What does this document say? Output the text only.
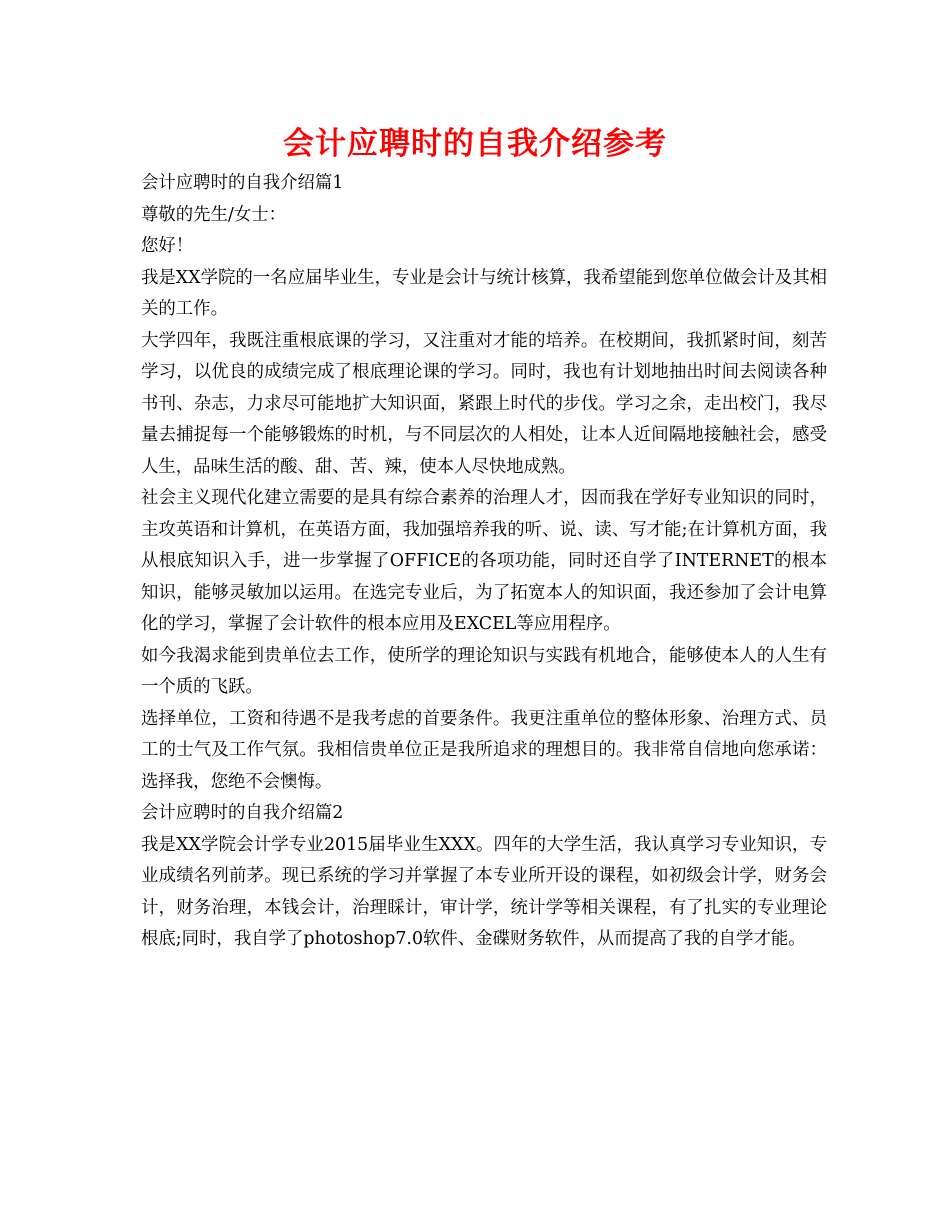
会计应聘时的自我介绍参考

会计应聘时的自我介绍篇1

尊敬的先生/女士：

您好！

我是XX学院的一名应届毕业生，专业是会计与统计核算，我希望能到您单位做会计及其相关的工作。

大学四年，我既注重根底课的学习，又注重对才能的培养。在校期间，我抓紧时间，刻苦学习，以优良的成绩完成了根底理论课的学习。同时，我也有计划地抽出时间去阅读各种书刊、杂志，力求尽可能地扩大知识面，紧跟上时代的步伐。学习之余，走出校门，我尽量去捕捉每一个能够锻炼的时机，与不同层次的人相处，让本人近间隔地接触社会，感受人生，品味生活的酸、甜、苦、辣，使本人尽快地成熟。

社会主义现代化建立需要的是具有综合素养的治理人才，因而我在学好专业知识的同时，主攻英语和计算机，在英语方面，我加强培养我的听、说、读、写才能;在计算机方面，我从根底知识入手，进一步掌握了OFFICE的各项功能，同时还自学了INTERNET的根本知识，能够灵敏加以运用。在选完专业后，为了拓宽本人的知识面，我还参加了会计电算化的学习，掌握了会计软件的根本应用及EXCEL等应用程序。

如今我渴求能到贵单位去工作，使所学的理论知识与实践有机地合，能够使本人的人生有一个质的飞跃。

选择单位，工资和待遇不是我考虑的首要条件。我更注重单位的整体形象、治理方式、员工的士气及工作气氛。我相信贵单位正是我所追求的理想目的。我非常自信地向您承诺：选择我，您绝不会懊悔。

会计应聘时的自我介绍篇2

我是XX学院会计学专业2015届毕业生XXX。四年的大学生活，我认真学习专业知识，专业成绩名列前茅。现已系统的学习并掌握了本专业所开设的课程，如初级会计学，财务会计，财务治理，本钱会计，治理睬计，审计学，统计学等相关课程，有了扎实的专业理论根底;同时，我自学了photoshop7.0软件、金碟财务软件，从而提高了我的自学才能。
